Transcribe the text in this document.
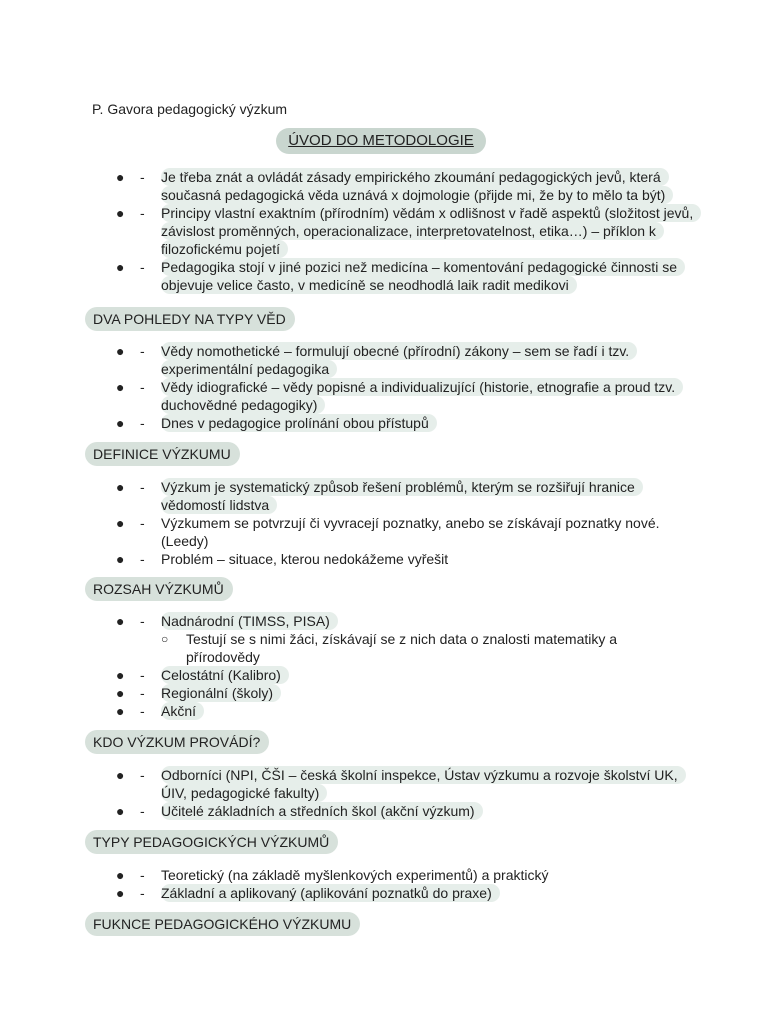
P. Gavora pedagogický výzkum
ÚVOD DO METODOLOGIE
● -	Je třeba znát a ovládát zásady empirického zkoumání pedagogických jevů, která současná pedagogická věda uznává x dojmologie (přijde mi, že by to mělo ta být)
● -	Principy vlastní exaktním (přírodním) vědám x odlišnost v řadě aspektů (složitost jevů, závislost proměnných, operacionalizace, interpretovatelnost, etika…) – příklon k filozofickému pojetí
● -	Pedagogika stojí v jiné pozici než medicína – komentování pedagogické činnosti se objevuje velice často, v medicíně se neodhodlá laik radit medikovi
DVA POHLEDY NA TYPY VĚD
● -	Vědy nomothetické – formulují obecné (přírodní) zákony – sem se řadí i tzv. experimentální pedagogika
● -	Vědy idiografické – vědy popisné a individualizující (historie, etnografie a proud tzv. duchovědné pedagogiky)
● -	Dnes v pedagogice prolínání obou přístupů
DEFINICE VÝZKUMU
● -	Výzkum je systematický způsob řešení problémů, kterým se rozšiřují hranice vědomostí lidstva
● -	Výzkumem se potvrzují či vyvracejí poznatky, anebo se získávají poznatky nové. (Leedy)
● -	Problém – situace, kterou nedokážeme vyřešit
ROZSAH VÝZKUMŮ
● -	Nadnárodní (TIMSS, PISA)
○ Testují se s nimi žáci, získávají se z nich data o znalosti matematiky a přírodovědy
● -	Celostátní (Kalibro)
● -	Regionální (školy)
● -	Akční
KDO VÝZKUM PROVÁDÍ?
● -	Odborníci (NPI, ČŠI – česká školní inspekce, Ústav výzkumu a rozvoje školství UK, ÚIV, pedagogické fakulty)
● -	Učitelé základních a středních škol (akční výzkum)
TYPY PEDAGOGICKÝCH VÝZKUMŮ
● -	Teoretický (na základě myšlenkových experimentů) a praktický
● -	Základní a aplikovaný (aplikování poznatků do praxe)
FUKNCE PEDAGOGICKÉHO VÝZKUMU
